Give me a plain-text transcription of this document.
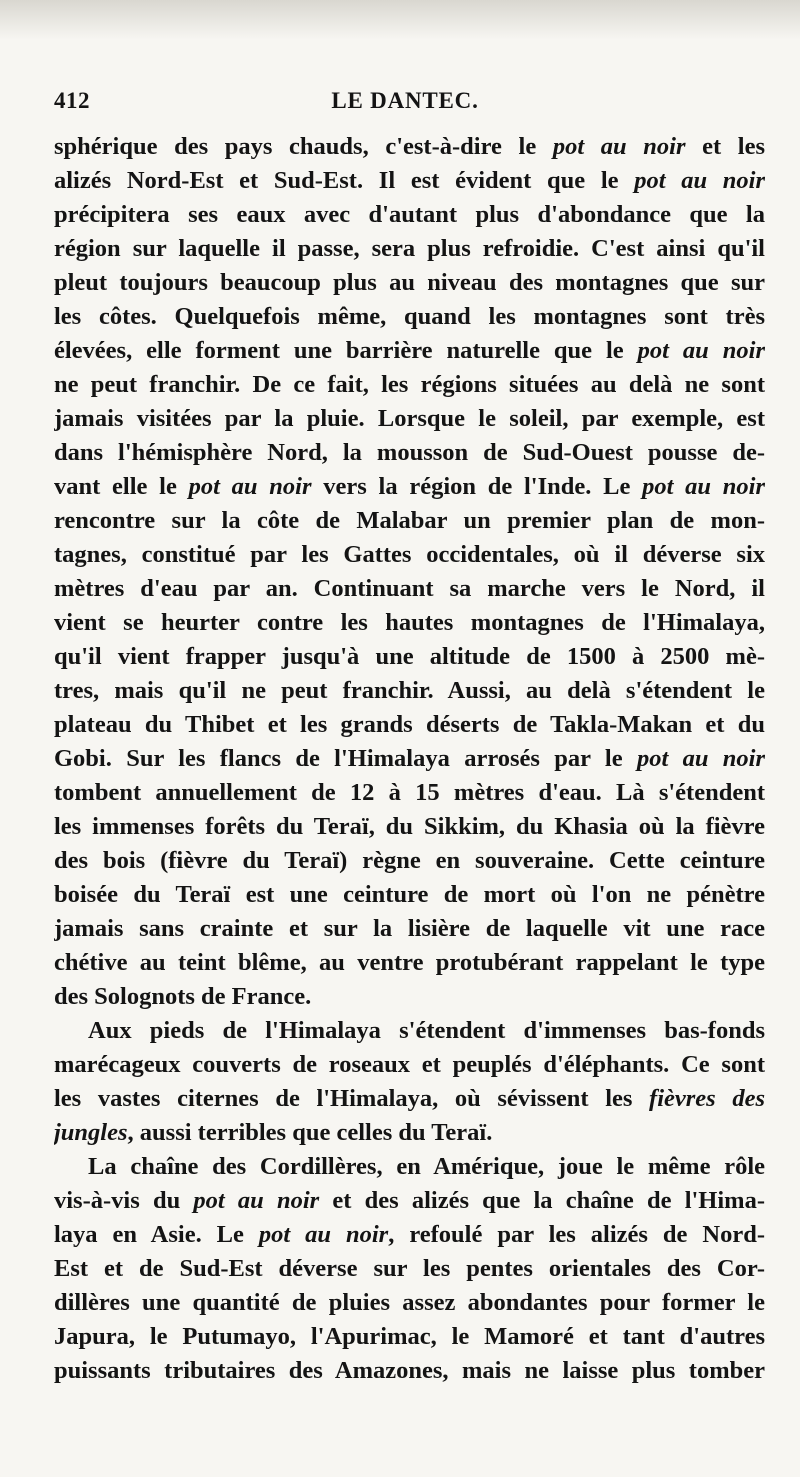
412	LE DANTEC.
sphérique des pays chauds, c'est-à-dire le pot au noir et les
alizés Nord-Est et Sud-Est. Il est évident que le pot au noir
précipitera ses eaux avec d'autant plus d'abondance que la
région sur laquelle il passe, sera plus refroidie. C'est ainsi qu'il
pleut toujours beaucoup plus au niveau des montagnes que sur
les côtes. Quelquefois même, quand les montagnes sont très
élevées, elle forment une barrière naturelle que le pot au noir
ne peut franchir. De ce fait, les régions situées au delà ne sont
jamais visitées par la pluie. Lorsque le soleil, par exemple, est
dans l'hémisphère Nord, la mousson de Sud-Ouest pousse de-
vant elle le pot au noir vers la région de l'Inde. Le pot au noir
rencontre sur la côte de Malabar un premier plan de mon-
tagnes, constitué par les Gattes occidentales, où il déverse six
mètres d'eau par an. Continuant sa marche vers le Nord, il
vient se heurter contre les hautes montagnes de l'Himalaya,
qu'il vient frapper jusqu'à une altitude de 1500 à 2500 mè-
tres, mais qu'il ne peut franchir. Aussi, au delà s'étendent le
plateau du Thibet et les grands déserts de Takla-Makan et du
Gobi. Sur les flancs de l'Himalaya arrosés par le pot au noir
tombent annuellement de 12 à 15 mètres d'eau. Là s'étendent
les immenses forêts du Teraï, du Sikkim, du Khasia où la fièvre
des bois (fièvre du Teraï) règne en souveraine. Cette ceinture
boisée du Teraï est une ceinture de mort où l'on ne pénètre
jamais sans crainte et sur la lisière de laquelle vit une race
chétive au teint blême, au ventre protubérant rappelant le type
des Solognots de France.
Aux pieds de l'Himalaya s'étendent d'immenses bas-fonds
marécageux couverts de roseaux et peuplés d'éléphants. Ce sont
les vastes citernes de l'Himalaya, où sévissent les fièvres des
jungles, aussi terribles que celles du Teraï.
La chaîne des Cordillères, en Amérique, joue le même rôle
vis-à-vis du pot au noir et des alizés que la chaîne de l'Hima-
laya en Asie. Le pot au noir, refoulé par les alizés de Nord-
Est et de Sud-Est déverse sur les pentes orientales des Cor-
dillères une quantité de pluies assez abondantes pour former le
Japura, le Putumayo, l'Apurimac, le Mamoré et tant d'autres
puissants tributaires des Amazones, mais ne laisse plus tomber
